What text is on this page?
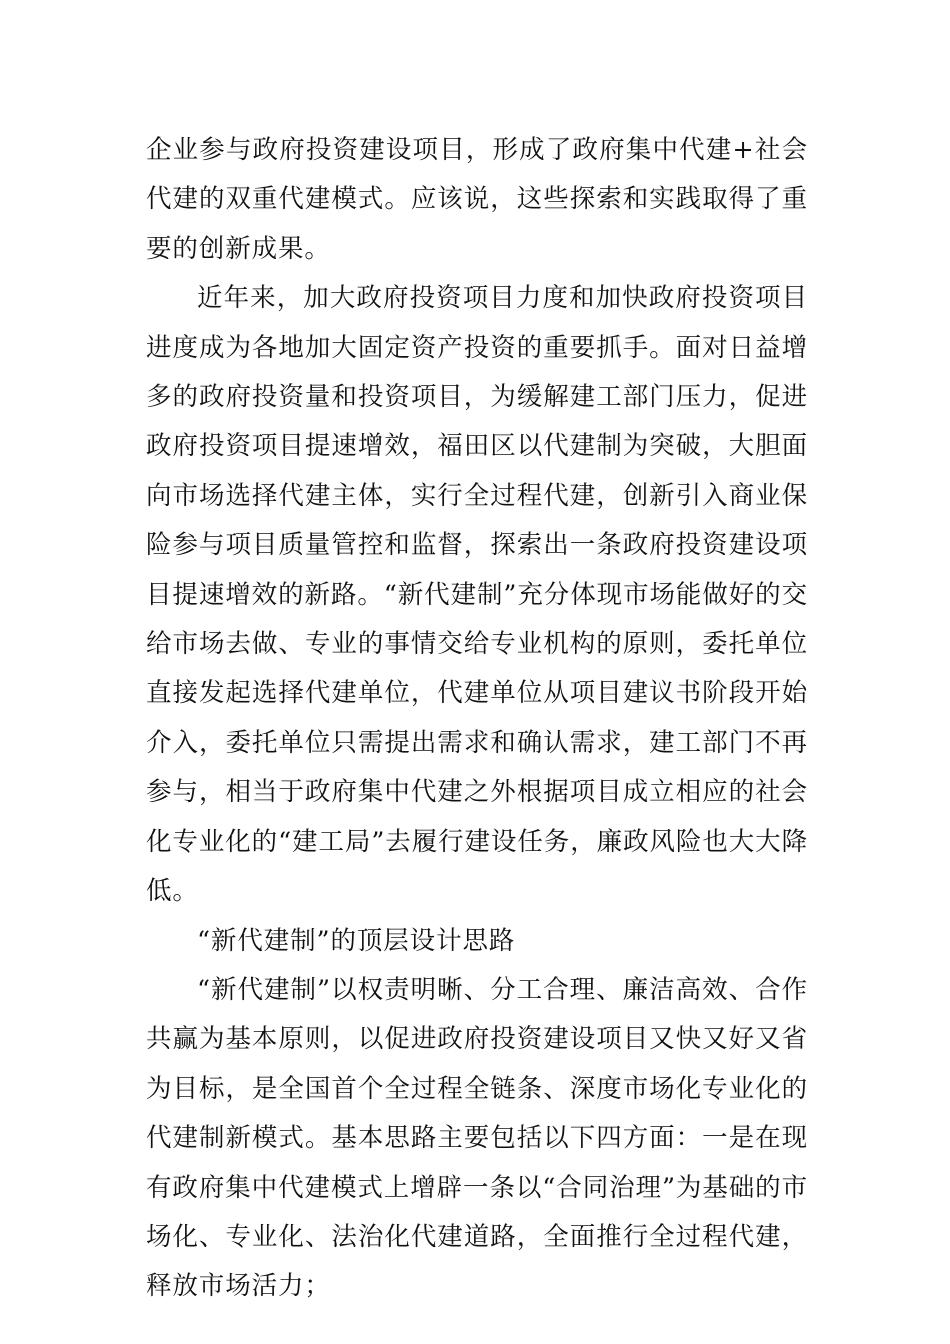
企业参与政府投资建设项目，形成了政府集中代建+社会代建的双重代建模式。应该说，这些探索和实践取得了重要的创新成果。

近年来，加大政府投资项目力度和加快政府投资项目进度成为各地加大固定资产投资的重要抓手。面对日益增多的政府投资量和投资项目，为缓解建工部门压力，促进政府投资项目提速增效，福田区以代建制为突破，大胆面向市场选择代建主体，实行全过程代建，创新引入商业保险参与项目质量管控和监督，探索出一条政府投资建设项目提速增效的新路。“新代建制”充分体现市场能做好的交给市场去做、专业的事情交给专业机构的原则，委托单位直接发起选择代建单位，代建单位从项目建议书阶段开始介入，委托单位只需提出需求和确认需求，建工部门不再参与，相当于政府集中代建之外根据项目成立相应的社会化专业化的“建工局”去履行建设任务，廉政风险也大大降低。

“新代建制”的顶层设计思路

“新代建制”以权责明晰、分工合理、廉洁高效、合作共赢为基本原则，以促进政府投资建设项目又快又好又省为目标，是全国首个全过程全链条、深度市场化专业化的代建制新模式。基本思路主要包括以下四方面：一是在现有政府集中代建模式上增辟一条以“合同治理”为基础的市场化、专业化、法治化代建道路，全面推行全过程代建，释放市场活力；
